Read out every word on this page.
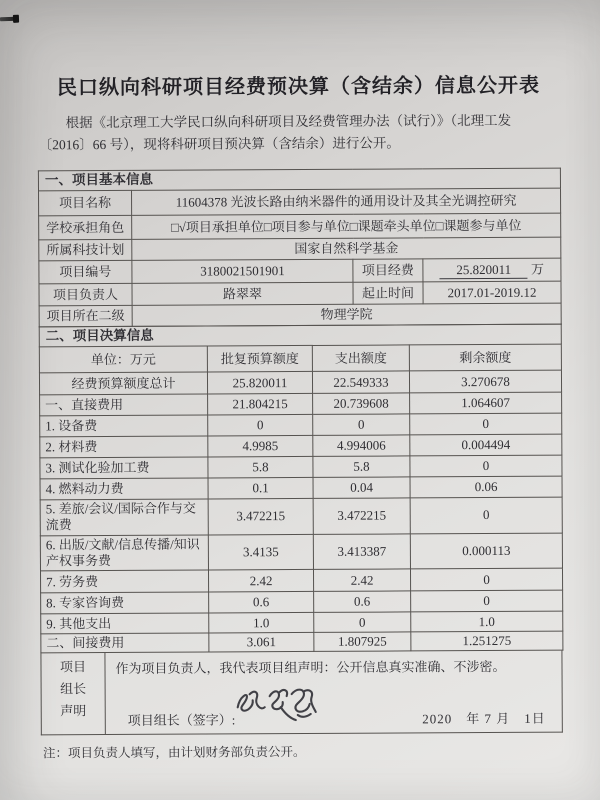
民口纵向科研项目经费预决算（含结余）信息公开表

根据《北京理工大学民口纵向科研项目及经费管理办法（试行）》（北理工发
〔2016〕66 号），现将科研项目预决算（含结余）进行公开。

一、项目基本信息			
项目名称	11604378 光波长路由纳米器件的通用设计及其全光调控研究		
学校承担角色	□√项目承担单位□项目参与单位□课题牵头单位□课题参与单位		
所属科技计划	国家自然科学基金		
项目编号	3180021501901	项目经费	25.820011 万
项目负责人	路翠翠	起止时间	2017.01-2019.12
项目所在二级	物理学院		
二、项目决算信息			
单位：万元	批复预算额度	支出额度	剩余额度
经费预算额度总计	25.820011	22.549333	3.270678
一、直接费用	21.804215	20.739608	1.064607
1. 设备费	0	0	0
2. 材料费	4.9985	4.994006	0.004494
3. 测试化验加工费	5.8	5.8	0
4. 燃料动力费	0.1	0.04	0.06
5. 差旅/会议/国际合作与交流费	3.472215	3.472215	0
6. 出版/文献/信息传播/知识产权事务费	3.4135	3.413387	0.000113
7. 劳务费	2.42	2.42	0
8. 专家咨询费	0.6	0.6	0
9. 其他支出	1.0	0	1.0
二、间接费用	3.061	1.807925	1.251275
项目
组长
声明
作为项目负责人，我代表项目组声明：公开信息真实准确、不涉密。
项目组长（签字）:	2020　年 7 月　1日

注：项目负责人填写，由计划财务部负责公开。
